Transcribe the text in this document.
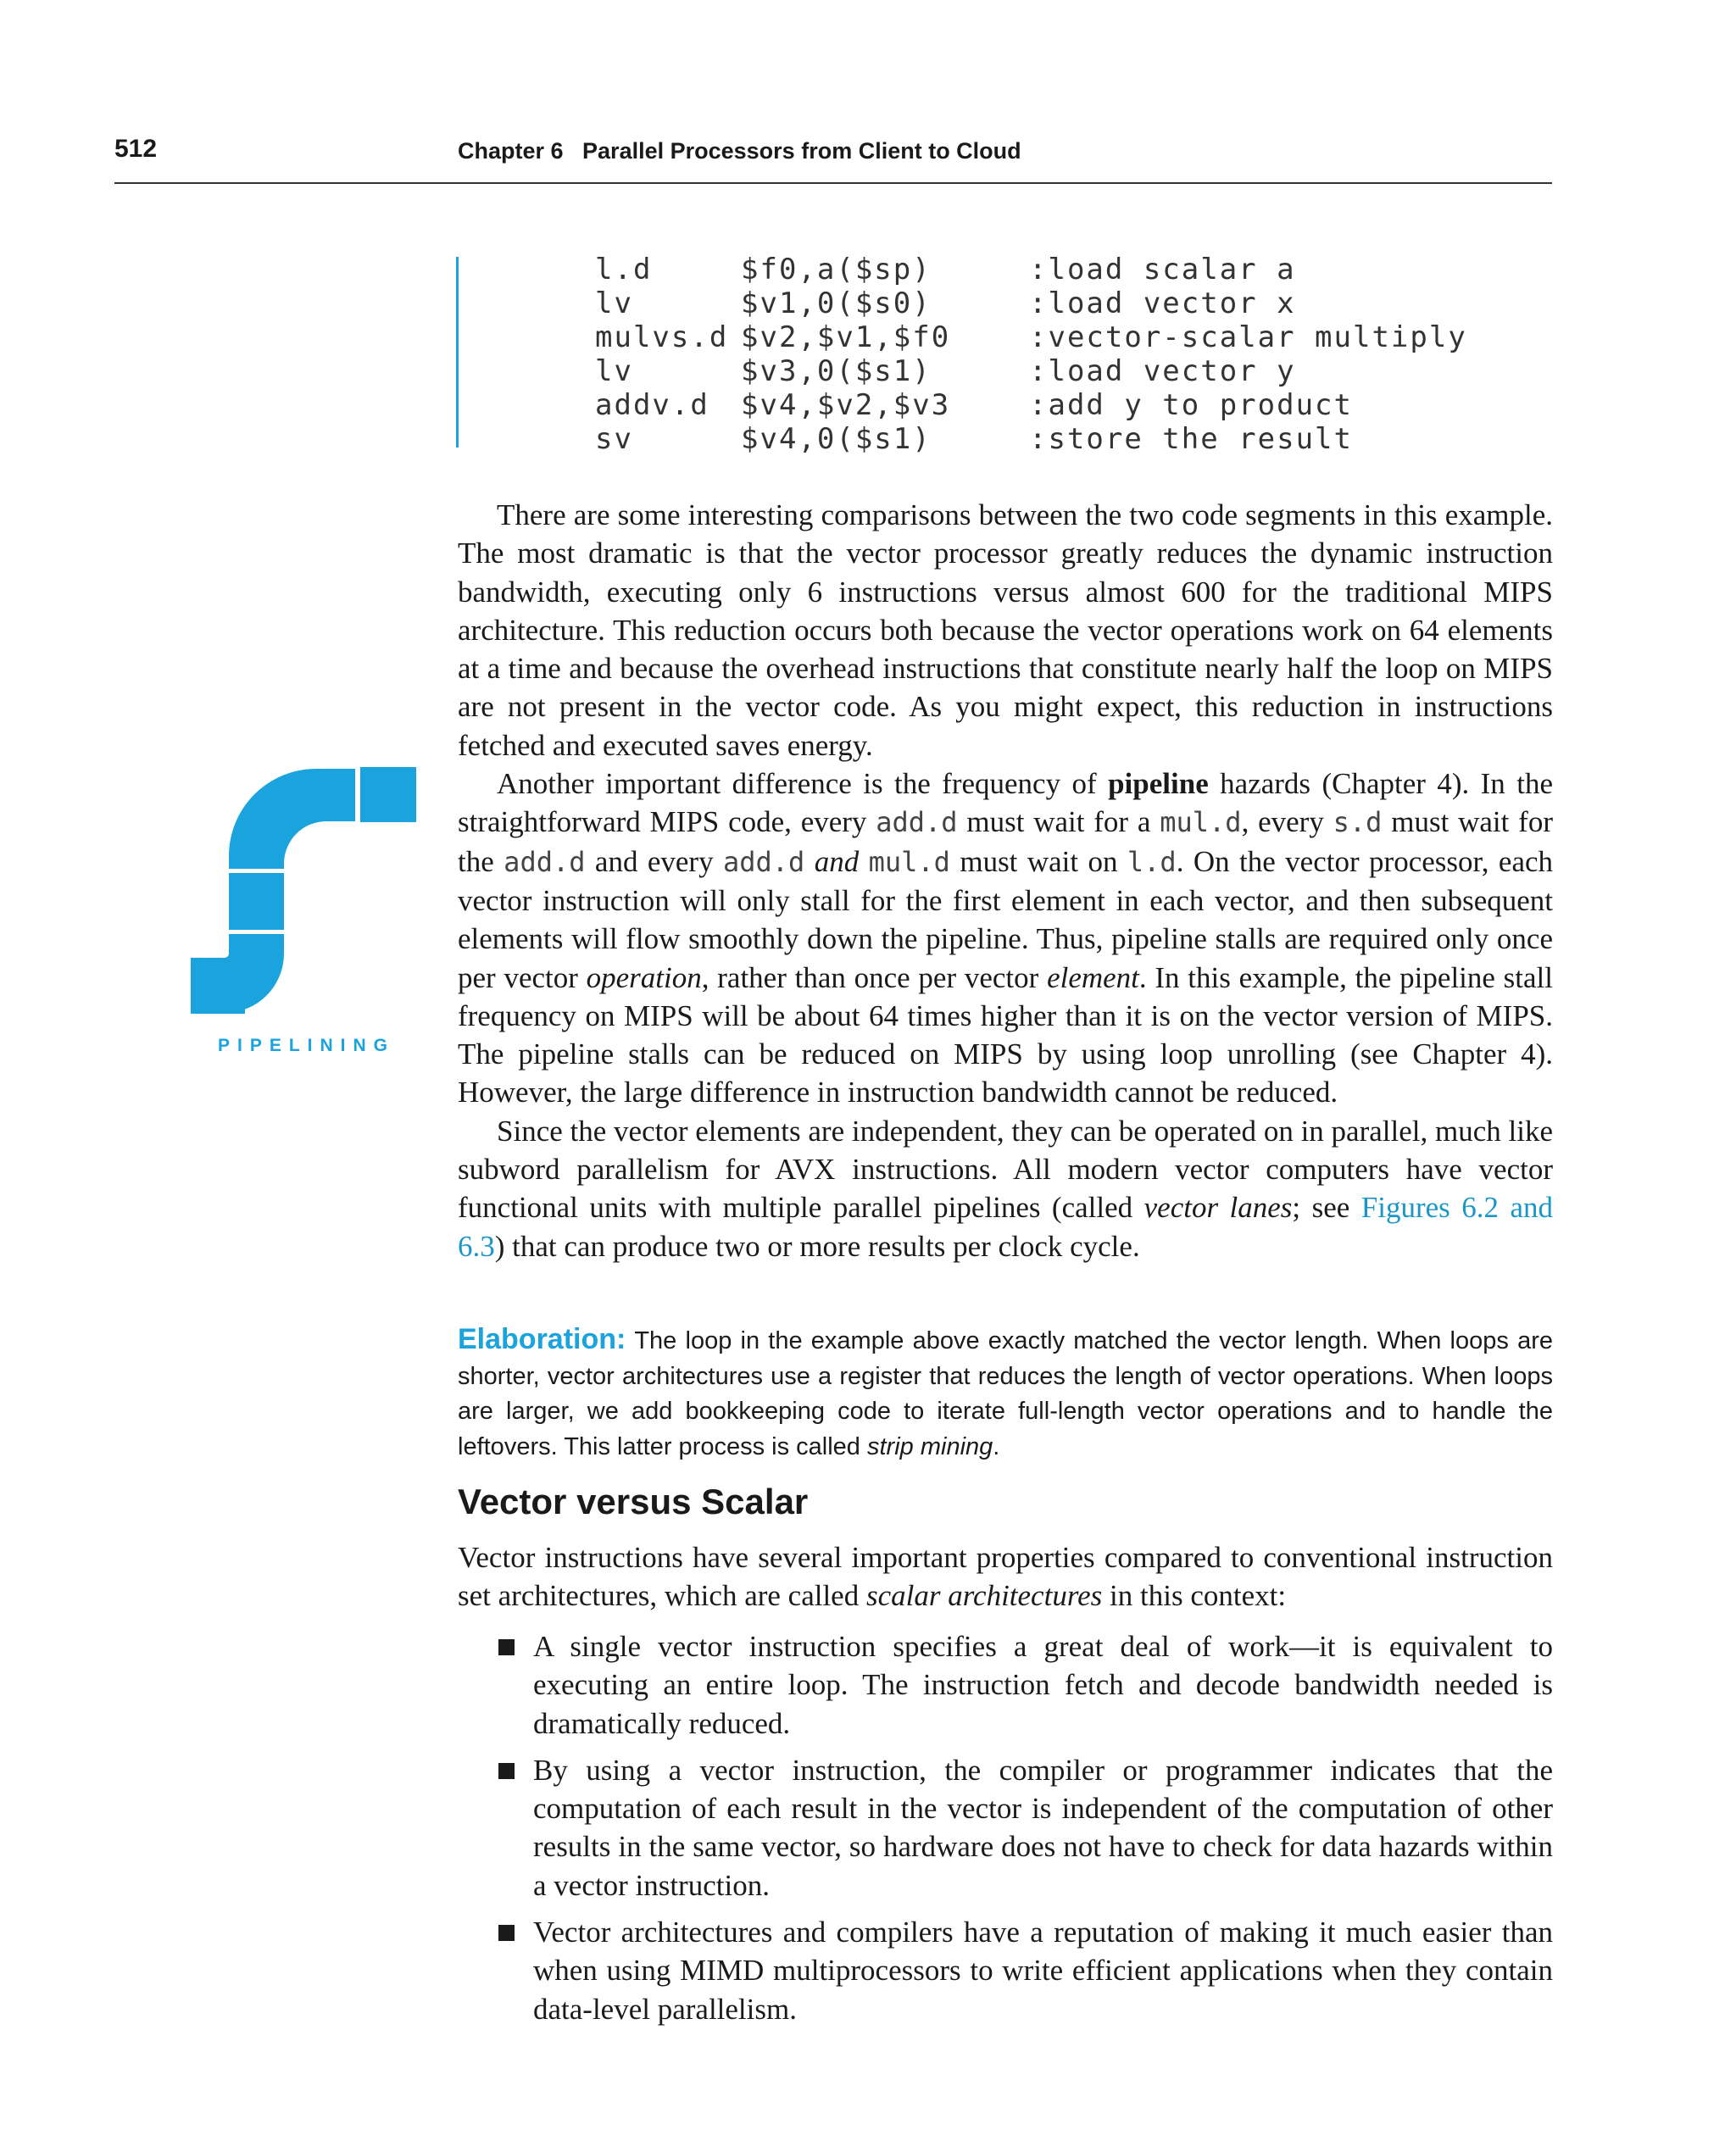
512	Chapter 6   Parallel Processors from Client to Cloud
l.d	$f0,a($sp)	:load scalar a
lv	$v1,0($s0)	:load vector x
mulvs.d $v2,$v1,$f0	:vector-scalar multiply
lv	$v3,0($s1)	:load vector y
addv.d	$v4,$v2,$v3	:add y to product
sv	$v4,0($s1)	:store the result

There are some interesting comparisons between the two code segments in this example. The most dramatic is that the vector processor greatly reduces the dynamic instruction bandwidth, executing only 6 instructions versus almost 600 for the traditional MIPS architecture. This reduction occurs both because the vector operations work on 64 elements at a time and because the overhead instructions that constitute nearly half the loop on MIPS are not present in the vector code. As you might expect, this reduction in instructions fetched and executed saves energy.

Another important difference is the frequency of pipeline hazards (Chapter 4). In the straightforward MIPS code, every add.d must wait for a mul.d, every s.d must wait for the add.d and every add.d and mul.d must wait on l.d. On the vector processor, each vector instruction will only stall for the first element in each vector, and then subsequent elements will flow smoothly down the pipeline. Thus, pipeline stalls are required only once per vector operation, rather than once per vector element. In this example, the pipeline stall frequency on MIPS will be about 64 times higher than it is on the vector version of MIPS. The pipeline stalls can be reduced on MIPS by using loop unrolling (see Chapter 4). However, the large difference in instruction bandwidth cannot be reduced.

Since the vector elements are independent, they can be operated on in parallel, much like subword parallelism for AVX instructions. All modern vector computers have vector functional units with multiple parallel pipelines (called vector lanes; see Figures 6.2 and 6.3) that can produce two or more results per clock cycle.

Elaboration: The loop in the example above exactly matched the vector length. When loops are shorter, vector architectures use a register that reduces the length of vector operations. When loops are larger, we add bookkeeping code to iterate full-length vector operations and to handle the leftovers. This latter process is called strip mining.
Vector versus Scalar
Vector instructions have several important properties compared to conventional instruction set architectures, which are called scalar architectures in this context:
A single vector instruction specifies a great deal of work—it is equivalent to executing an entire loop. The instruction fetch and decode bandwidth needed is dramatically reduced.
By using a vector instruction, the compiler or programmer indicates that the computation of each result in the vector is independent of the computation of other results in the same vector, so hardware does not have to check for data hazards within a vector instruction.
Vector architectures and compilers have a reputation of making it much easier than when using MIMD multiprocessors to write efficient applications when they contain data-level parallelism.
PIPELINING
